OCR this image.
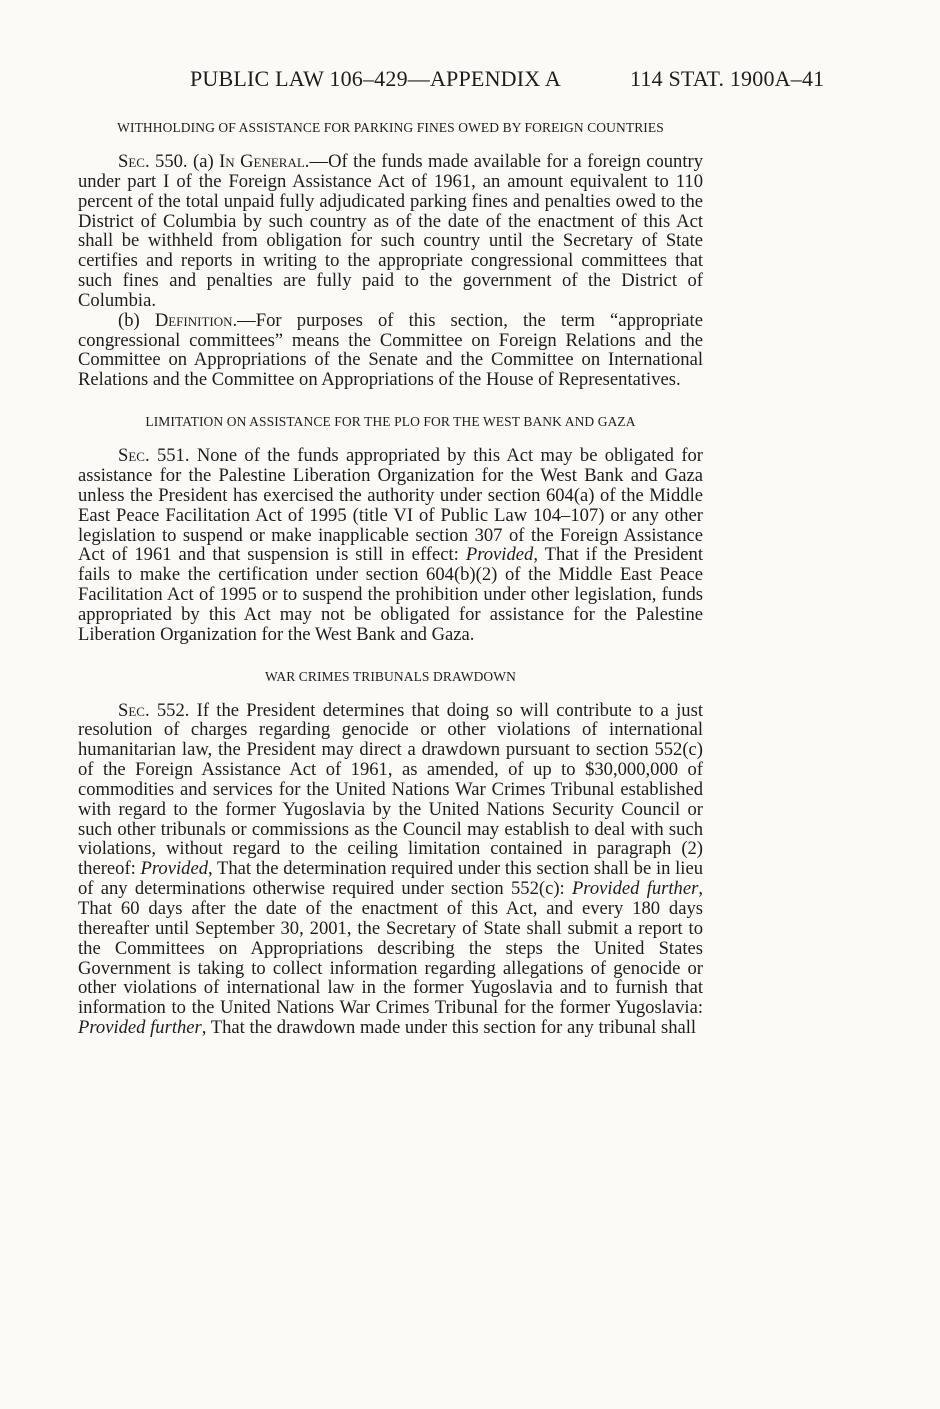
PUBLIC LAW 106–429—APPENDIX A	114 STAT. 1900A–41

WITHHOLDING OF ASSISTANCE FOR PARKING FINES OWED BY FOREIGN COUNTRIES

Sec. 550. (a) In General.—Of the funds made available for a foreign country under part I of the Foreign Assistance Act of 1961, an amount equivalent to 110 percent of the total unpaid fully adjudicated parking fines and penalties owed to the District of Columbia by such country as of the date of the enactment of this Act shall be withheld from obligation for such country until the Secretary of State certifies and reports in writing to the appropriate congressional committees that such fines and penalties are fully paid to the government of the District of Columbia.

(b) Definition.—For purposes of this section, the term “appropriate congressional committees” means the Committee on Foreign Relations and the Committee on Appropriations of the Senate and the Committee on International Relations and the Committee on Appropriations of the House of Representatives.

LIMITATION ON ASSISTANCE FOR THE PLO FOR THE WEST BANK AND GAZA

Sec. 551. None of the funds appropriated by this Act may be obligated for assistance for the Palestine Liberation Organization for the West Bank and Gaza unless the President has exercised the authority under section 604(a) of the Middle East Peace Facilitation Act of 1995 (title VI of Public Law 104–107) or any other legislation to suspend or make inapplicable section 307 of the Foreign Assistance Act of 1961 and that suspension is still in effect: Provided, That if the President fails to make the certification under section 604(b)(2) of the Middle East Peace Facilitation Act of 1995 or to suspend the prohibition under other legislation, funds appropriated by this Act may not be obligated for assistance for the Palestine Liberation Organization for the West Bank and Gaza.

WAR CRIMES TRIBUNALS DRAWDOWN

Sec. 552. If the President determines that doing so will contribute to a just resolution of charges regarding genocide or other violations of international humanitarian law, the President may direct a drawdown pursuant to section 552(c) of the Foreign Assistance Act of 1961, as amended, of up to $30,000,000 of commodities and services for the United Nations War Crimes Tribunal established with regard to the former Yugoslavia by the United Nations Security Council or such other tribunals or commissions as the Council may establish to deal with such violations, without regard to the ceiling limitation contained in paragraph (2) thereof: Provided, That the determination required under this section shall be in lieu of any determinations otherwise required under section 552(c): Provided further, That 60 days after the date of the enactment of this Act, and every 180 days thereafter until September 30, 2001, the Secretary of State shall submit a report to the Committees on Appropriations describing the steps the United States Government is taking to collect information regarding allegations of genocide or other violations of international law in the former Yugoslavia and to furnish that information to the United Nations War Crimes Tribunal for the former Yugoslavia: Provided further, That the drawdown made under this section for any tribunal shall
